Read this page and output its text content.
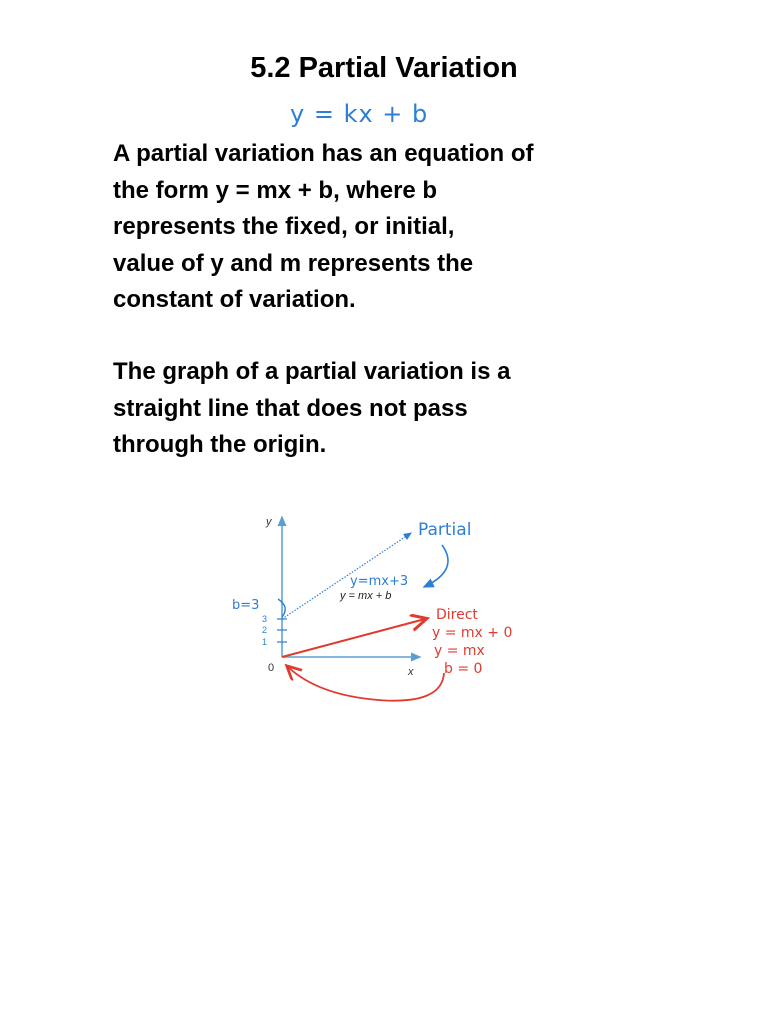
5.2 Partial Variation
y = kx + b

A partial variation has an equation of
the form y = mx + b, where b
represents the fixed, or initial,
value of y and m represents the
constant of variation.

The graph of a partial variation is a
straight line that does not pass
through the origin.

y
x
0
3
2
1
y = mx + b
b=3
Partial
y=mx+3
Direct
y = mx + 0
y = mx
b = 0
